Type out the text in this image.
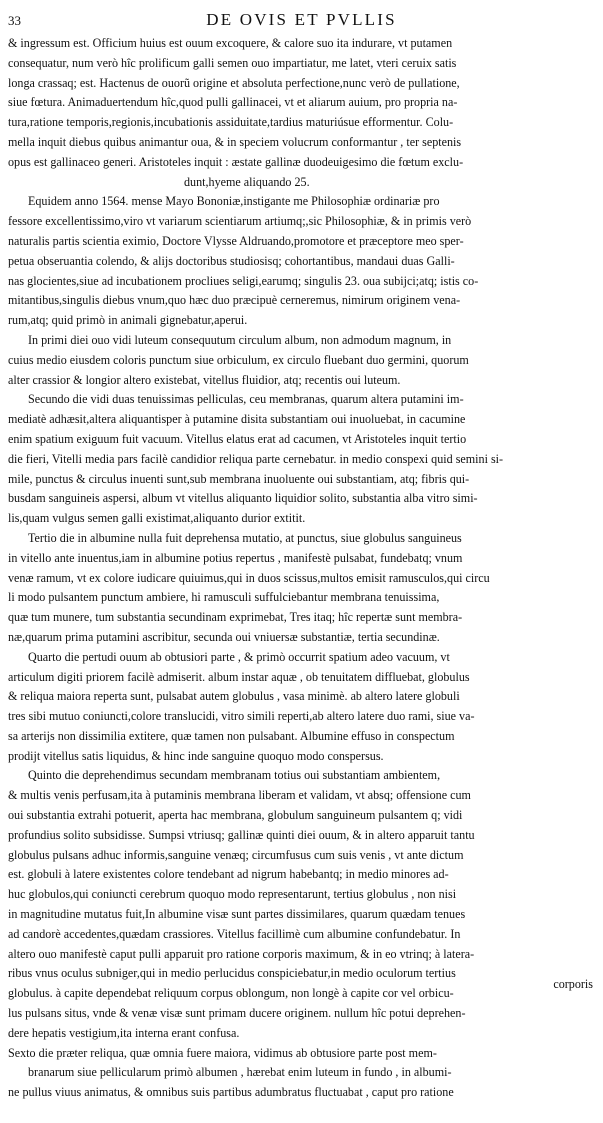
33	DE OVIS ET PVLLIS
& ingressum est. Officium huius est ouum excoquere, & calore suo ita indurare, vt putamen
consequatur, num verò hîc prolificum galli semen ouo impartiatur, me latet, vteri ceruix satis
longa crassaq; est. Hactenus de ouorũ origine et absoluta perfectione,nunc verò de pullatione,
siue fœtura. Animaduertendum hîc,quod pulli gallinacei, vt et aliarum auium, pro propria na-
tura,ratione temporis,regionis,incubationis assiduitate,tardius maturiúsue efformentur. Colu-
mella inquit diebus quibus animantur oua, & in speciem volucrum conformantur , ter septenis
opus est gallinaceo generi. Aristoteles inquit : æstate gallinæ duodeuigesimo die fœtum exclu-
dunt,hyeme aliquando 25.
Equidem anno 1564. mense Mayo Bononiæ,instigante me Philosophiæ ordinariæ pro
fessore excellentissimo,viro vt variarum scientiarum artiumq;,sic Philosophiæ, & in primis verò
naturalis partis scientia eximio, Doctore Vlysse Aldruando,promotore et præceptore meo sper-
petua obseruantia colendo, & alijs doctoribus studiosisq; cohortantibus, mandaui duas Galli-
nas glocientes,siue ad incubationem procliues seligi,earumq; singulis 23. oua subijci;atq; istis co-
mitantibus,singulis diebus vnum,quo hæc duo præcipuè cerneremus, nimirum originem vena-
rum,atq; quid primò in animali gignebatur,aperui.
In primi diei ouo vidi luteum consequutum circulum album, non admodum magnum, in
cuius medio eiusdem coloris punctum siue orbiculum, ex circulo fluebant duo germini, quorum
alter crassior & longior altero existebat, vitellus fluidior, atq; recentis oui luteum.
Secundo die vidi duas tenuissimas pelliculas, ceu membranas, quarum altera putamini im-
mediatè adhæsit,altera aliquantisper à putamine disita substantiam oui inuoluebat, in cacumine
enim spatium exiguum fuit vacuum. Vitellus elatus erat ad cacumen, vt Aristoteles inquit tertio
die fieri, Vitelli media pars facilè candidior reliqua parte cernebatur. in medio conspexi quid semini si-
mile, punctus & circulus inuenti sunt,sub membrana inuoluente oui substantiam, atq; fibris qui-
busdam sanguineis aspersi, album vt vitellus aliquanto liquidior solito, substantia alba vitro simi-
lis,quam vulgus semen galli existimat,aliquanto durior extitit.
Tertio die in albumine nulla fuit deprehensa mutatio, at punctus, siue globulus sanguineus
in vitello ante inuentus,iam in albumine potius repertus , manifestè pulsabat, fundebatq; vnum
venæ ramum, vt ex colore iudicare quiuimus,qui in duos scissus,multos emisit ramusculos,qui circu
li modo pulsantem punctum ambiere, hi ramusculi suffulciebantur membrana tenuissima,
quæ tum munere, tum substantia secundinam exprimebat, Tres itaq; hîc repertæ sunt membra-
næ,quarum prima putamini ascribitur, secunda oui vniuersæ substantiæ, tertia secundinæ.
Quarto die pertudi ouum ab obtusiori parte , & primò occurrit spatium adeo vacuum, vt
articulum digiti priorem facilè admiserit. album instar aquæ , ob tenuitatem diffluebat, globulus
& reliqua maiora reperta sunt, pulsabat autem globulus , vasa minimè. ab altero latere globuli
tres sibi mutuo coniuncti,colore translucidi, vitro simili reperti,ab altero latere duo rami, siue va-
sa arterijs non dissimilia extitere, quæ tamen non pulsabant. Albumine effuso in conspectum
prodijt vitellus satis liquidus, & hinc inde sanguine quoquo modo conspersus.
Quinto die deprehendimus secundam membranam totius oui substantiam ambientem,
& multis venis perfusam,ita à putaminis membrana liberam et validam, vt absq; offensione cum
oui substantia extrahi potuerit, aperta hac membrana, globulum sanguineum pulsantem q; vidi
profundius solito subsidisse. Sumpsi vtriusq; gallinæ quinti diei ouum, & in altero apparuit tantu
globulus pulsans adhuc informis,sanguine venæq; circumfusus cum suis venis , vt ante dictum
est. globuli à latere existentes colore tendebant ad nigrum habebantq; in medio minores ad-
huc globulos,qui coniuncti cerebrum quoquo modo representarunt, tertius globulus , non nisi
in magnitudine mutatus fuit,In albumine visæ sunt partes dissimilares, quarum quædam tenues
ad candorè accedentes,quædam crassiores. Vitellus facillimè cum albumine confundebatur. In
altero ouo manifestè caput pulli apparuit pro ratione corporis maximum, & in eo vtrinq; à latera-
ribus vnus oculus subniger,qui in medio perlucidus conspiciebatur,in medio oculorum tertius
globulus. à capite dependebat reliquum corpus oblongum, non longè à capite cor vel orbicu-
lus pulsans situs, vnde & venæ visæ sunt primam ducere originem. nullum hîc potui deprehen-
dere hepatis vestigium,ita interna erant confusa.
Sexto die præter reliqua, quæ omnia fuere maiora, vidimus ab obtusiore parte post mem-
branarum siue pellicularum primò albumen , hærebat enim luteum in fundo , in albumi-
ne pullus viuus animatus, & omnibus suis partibus adumbratus fluctuabat , caput pro ratione
corporis
